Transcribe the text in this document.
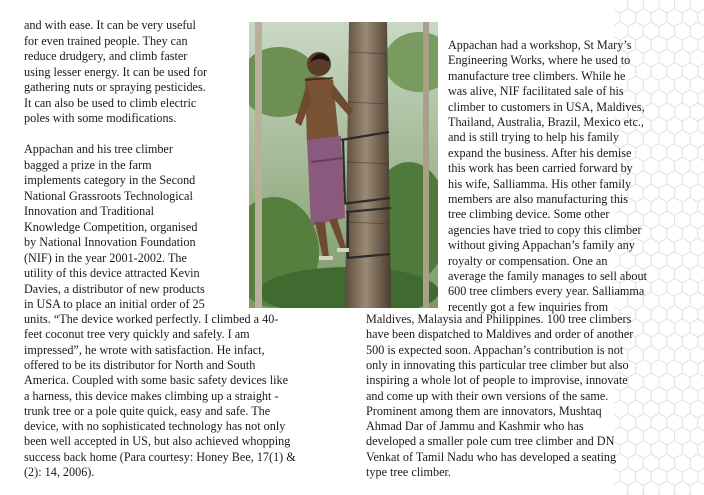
and with ease. It can be very useful
for even trained people. They can
reduce drudgery, and climb faster
using lesser energy. It can be used for
gathering nuts or spraying pesticides.
It can also be used to climb electric
poles with some modifications.
Appachan and his tree climber
bagged a prize in the farm
implements category in the Second
National Grassroots Technological
Innovation and Traditional
Knowledge Competition, organised
by National Innovation Foundation
(NIF) in the year 2001-2002. The
utility of this device attracted Kevin
Davies, a distributor of new products
in USA to place an initial order of 25
Appachan had a workshop, St Mary’s
Engineering Works, where he used to
manufacture tree climbers. While he
was alive, NIF facilitated sale of his
climber to customers in USA, Maldives,
Thailand, Australia, Brazil, Mexico etc.,
and is still trying to help his family
expand the business. After his demise
this work has been carried forward by
his wife, Salliamma. His other family
members are also manufacturing this
tree climbing device. Some other
agencies have tried to copy this climber
without giving Appachan’s family any
royalty or compensation. One an
average the family manages to sell about
600 tree climbers every year. Salliamma
recently got a few inquiries from
units. “The device worked perfectly. I climbed a 40-
feet coconut tree very quickly and safely. I am
impressed”, he wrote with satisfaction. He infact,
offered to be its distributor for North and South
America. Coupled with some basic safety devices like
a harness, this device makes climbing up a straight -
trunk tree or a pole quite quick, easy and safe. The
device, with no sophisticated technology has not only
been well accepted in US, but also achieved whopping
success back home (Para courtesy: Honey Bee, 17(1) &
(2): 14, 2006).
Maldives, Malaysia and Philippines. 100 tree climbers
have been dispatched to Maldives and order of another
500 is expected soon. Appachan’s contribution is not
only in innovating this particular tree climber but also
inspiring a whole lot of people to improvise, innovate
and come up with their own versions of the same.
Prominent among them are innovators, Mushtaq
Ahmad Dar of Jammu and Kashmir who has
developed a smaller pole cum tree climber and DN
Venkat of Tamil Nadu who has developed a seating
type tree climber.
